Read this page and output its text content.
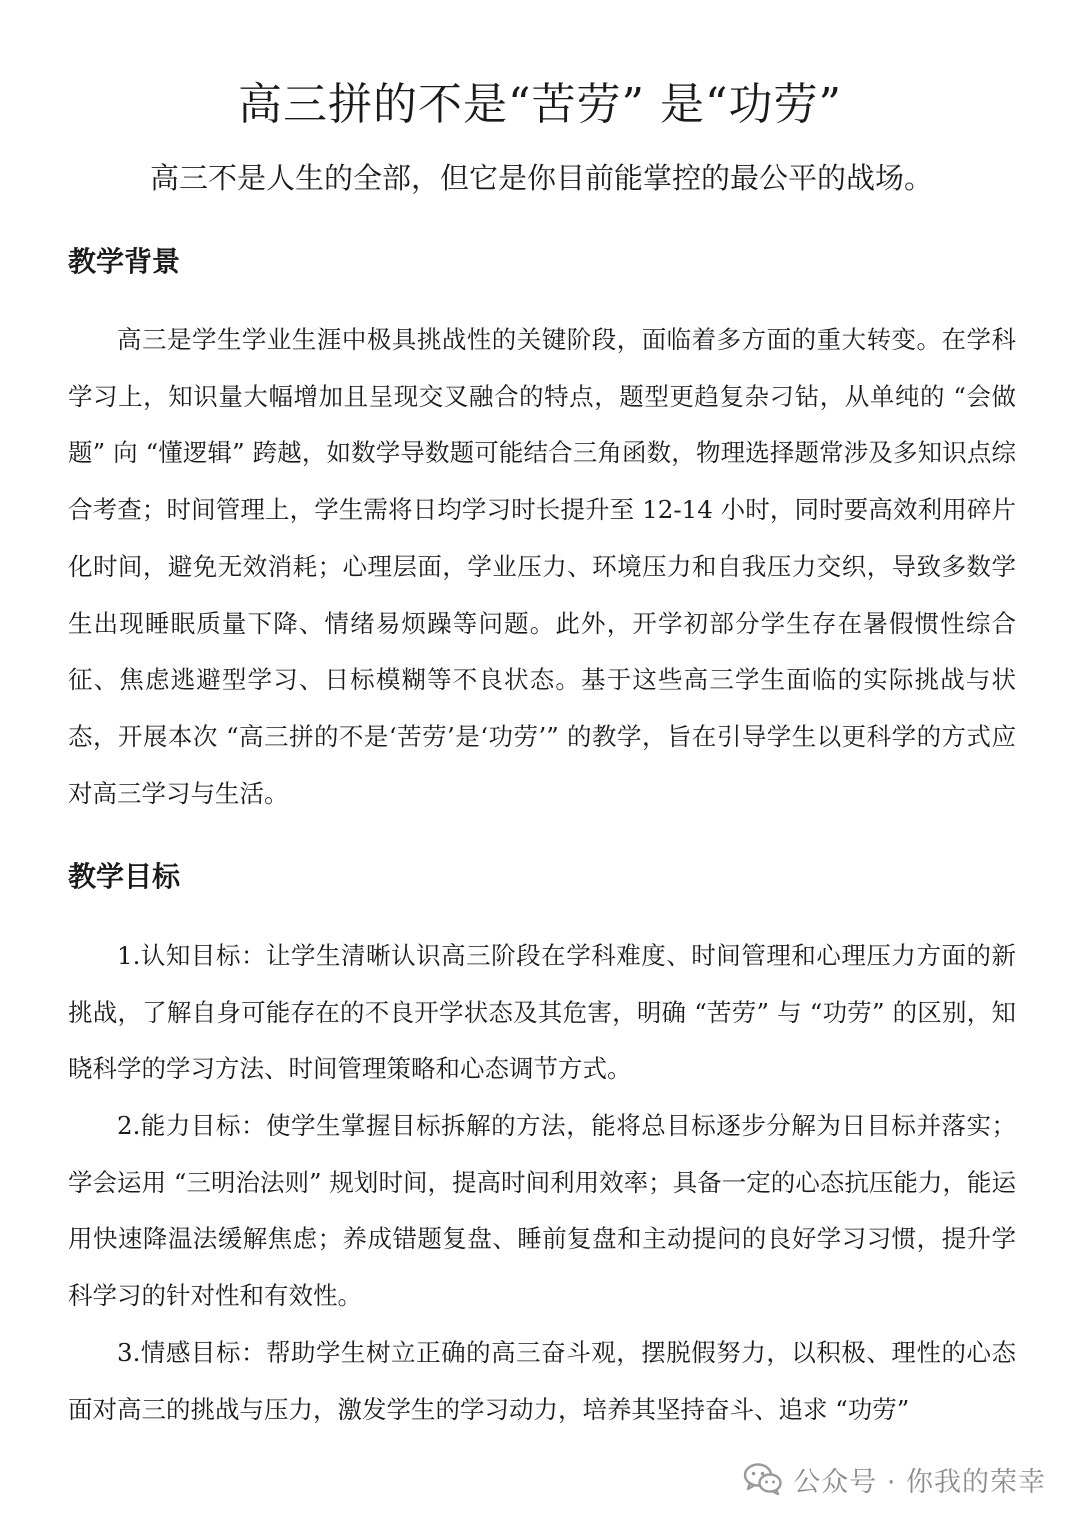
高三拼的不是“苦劳” 是“功劳”

高三不是人生的全部，但它是你目前能掌控的最公平的战场。

教学背景

高三是学生学业生涯中极具挑战性的关键阶段，面临着多方面的重大转变。在学科学习上，知识量大幅增加且呈现交叉融合的特点，题型更趋复杂刁钻，从单纯的 “会做题” 向 “懂逻辑” 跨越，如数学导数题可能结合三角函数，物理选择题常涉及多知识点综合考查；时间管理上，学生需将日均学习时长提升至 12-14 小时，同时要高效利用碎片化时间，避免无效消耗；心理层面，学业压力、环境压力和自我压力交织，导致多数学生出现睡眠质量下降、情绪易烦躁等问题。此外，开学初部分学生存在暑假惯性综合征、焦虑逃避型学习、日标模糊等不良状态。基于这些高三学生面临的实际挑战与状态，开展本次 “高三拼的不是‘苦劳’是‘功劳’” 的教学，旨在引导学生以更科学的方式应对高三学习与生活。

教学目标

1.认知目标：让学生清晰认识高三阶段在学科难度、时间管理和心理压力方面的新挑战，了解自身可能存在的不良开学状态及其危害，明确 “苦劳” 与 “功劳” 的区别，知晓科学的学习方法、时间管理策略和心态调节方式。

2.能力目标：使学生掌握目标拆解的方法，能将总目标逐步分解为日目标并落实；学会运用 “三明治法则” 规划时间，提高时间利用效率；具备一定的心态抗压能力，能运用快速降温法缓解焦虑；养成错题复盘、睡前复盘和主动提问的良好学习习惯，提升学科学习的针对性和有效性。

3.情感目标：帮助学生树立正确的高三奋斗观，摆脱假努力，以积极、理性的心态面对高三的挑战与压力，激发学生的学习动力，培养其坚持奋斗、追求 “功劳”

公众号 · 你我的荣幸
